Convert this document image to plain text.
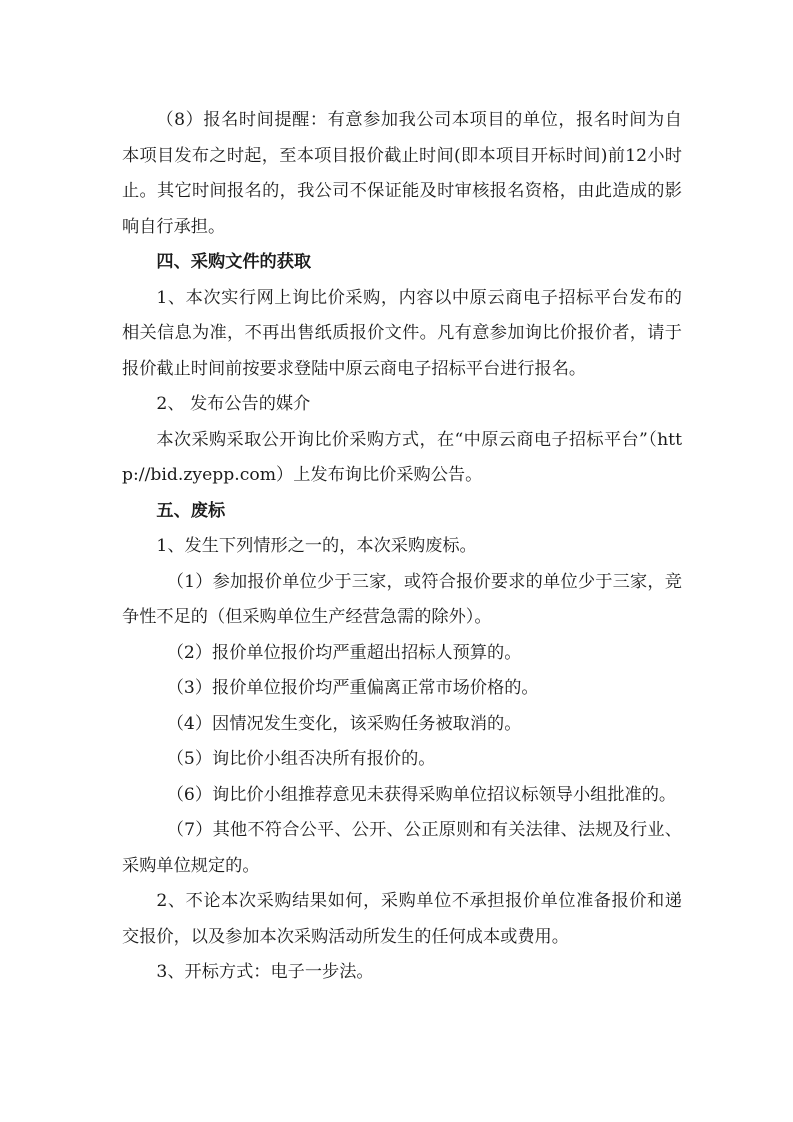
（8）报名时间提醒：有意参加我公司本项目的单位，报名时间为自本项目发布之时起，至本项目报价截止时间(即本项目开标时间)前12小时止。其它时间报名的，我公司不保证能及时审核报名资格，由此造成的影响自行承担。

四、采购文件的获取

1、本次实行网上询比价采购，内容以中原云商电子招标平台发布的相关信息为准，不再出售纸质报价文件。凡有意参加询比价报价者，请于报价截止时间前按要求登陆中原云商电子招标平台进行报名。

2、 发布公告的媒介

本次采购采取公开询比价采购方式，在“中原云商电子招标平台”（http://bid.zyepp.com）上发布询比价采购公告。

五、废标

1、发生下列情形之一的，本次采购废标。

（1）参加报价单位少于三家，或符合报价要求的单位少于三家，竞争性不足的（但采购单位生产经营急需的除外）。

（2）报价单位报价均严重超出招标人预算的。

（3）报价单位报价均严重偏离正常市场价格的。

（4）因情况发生变化，该采购任务被取消的。

（5）询比价小组否决所有报价的。

（6）询比价小组推荐意见未获得采购单位招议标领导小组批准的。

（7）其他不符合公平、公开、公正原则和有关法律、法规及行业、采购单位规定的。

2、不论本次采购结果如何，采购单位不承担报价单位准备报价和递交报价，以及参加本次采购活动所发生的任何成本或费用。

3、开标方式：电子一步法。
